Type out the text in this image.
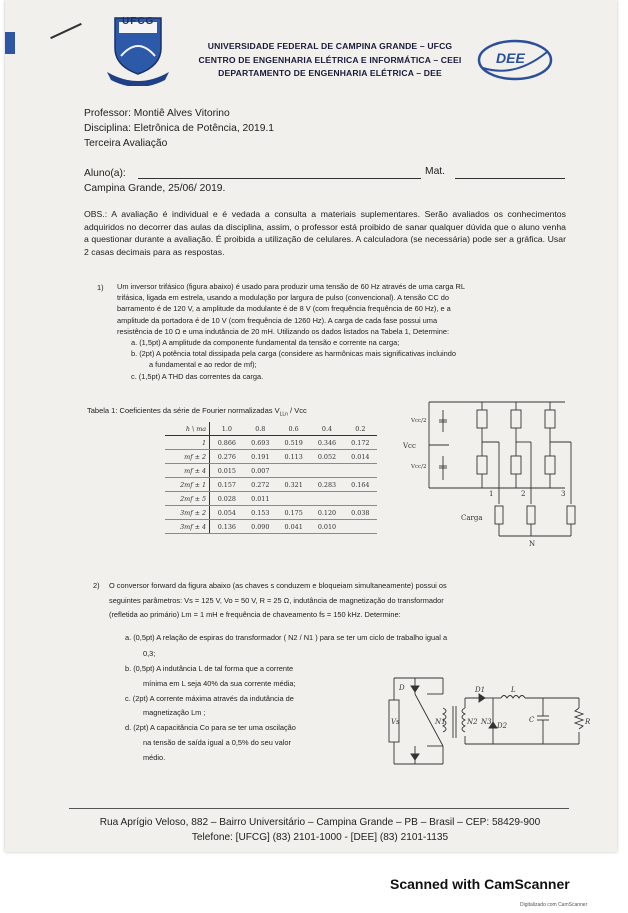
UFCG
UNIVERSIDADE FEDERAL DE CAMPINA GRANDE – UFCG
CENTRO DE ENGENHARIA ELÉTRICA E INFORMÁTICA – CEEI
DEPARTAMENTO DE ENGENHARIA ELÉTRICA – DEE
DEE
Professor: Montiê Alves Vitorino
Disciplina: Eletrônica de Potência, 2019.1
Terceira Avaliação
Aluno(a):	Mat.
Campina Grande, 25/06/ 2019.
OBS.: A avaliação é individual e é vedada a consulta a materiais suplementares. Serão avaliados os conhecimentos adquiridos no decorrer das aulas da disciplina, assim, o professor está proibido de sanar qualquer dúvida que o aluno venha a questionar durante a avaliação. É proibida a utilização de celulares. A calculadora (se necessária) pode ser a gráfica. Usar 2 casas decimais para as respostas.
1) Um inversor trifásico (figura abaixo) é usado para produzir uma tensão de 60 Hz através de uma carga RL
trifásica, ligada em estrela, usando a modulação por largura de pulso (convencional). A tensão CC do
barramento é de 120 V, a amplitude da modulante é de 8 V (com frequência frequência de 60 Hz), e a
amplitude da portadora é de 10 V (com frequência de 1260 Hz). A carga de cada fase possui uma
resistência de 10 Ω e uma indutância de 20 mH. Utilizando os dados listados na Tabela 1, Determine:
a. (1,5pt) A amplitude da componente fundamental da tensão e corrente na carga;
b. (2pt) A potência total dissipada pela carga (considere as harmônicas mais significativas incluindo
a fundamental e ao redor de mf);
c. (1,5pt) A THD das correntes da carga.
Tabela 1: Coeficientes da série de Fourier normalizadas $V_{LLn}$ / Vcc
h \ ma	1.0	0.8	0.6	0.4	0.2
1	0.866	0.693	0.519	0.346	0.172
mf ± 2	0.276	0.191	0.113	0.052	0.014
mf ± 4	0.015	0.007			
2mf ± 1	0.157	0.272	0.321	0.283	0.164
2mf ± 5	0.028	0.011			
3mf ± 2	0.054	0.153	0.175	0.120	0.038
3mf ± 4	0.136	0.090	0.041	0.010	
Vcc
Vcc/2
Vcc/2
1	2	3
Carga
N
2) O conversor forward da figura abaixo (as chaves s conduzem e bloqueiam simultaneamente) possui os
seguintes parâmetros: Vs = 125 V, Vo = 50 V, R = 25 Ω, indutância de magnetização do transformador
(refletida ao primário) Lm = 1 mH e frequência de chaveamento fs = 150 kHz. Determine:
a. (0,5pt) A relação de espiras do transformador ( N2 / N1 ) para se ter um ciclo de trabalho igual a
0,3;
b. (0,5pt) A indutância L de tal forma que a corrente
mínima em L seja 40% da sua corrente média;
c. (2pt) A corrente máxima através da indutância de
magnetização Lm ;
d. (2pt) A capacitância Co para se ter uma oscilação
na tensão de saída igual a 0,5% do seu valor
médio.
Vs	N1	N2 N3
D	D1
D2
L
C	R
Rua Aprígio Veloso, 882 – Bairro Universitário – Campina Grande – PB – Brasil – CEP: 58429-900
Telefone: [UFCG] (83) 2101-1000 - [DEE] (83) 2101-1135
Scanned with CamScanner
Digitalizado com CamScanner
